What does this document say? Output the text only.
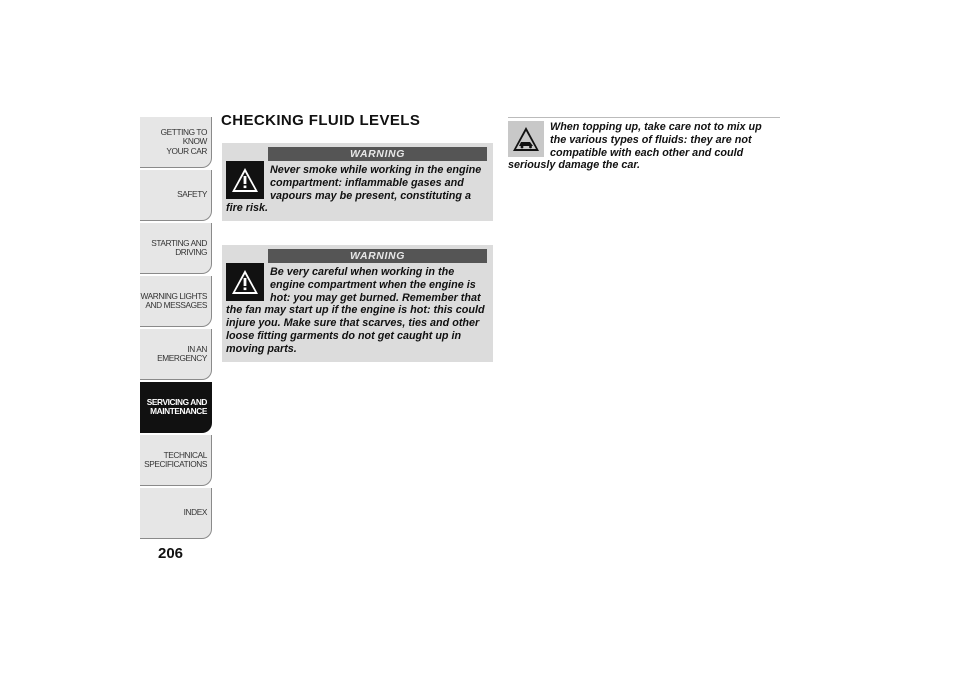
GETTING TO KNOW
YOUR CAR
SAFETY
STARTING AND
DRIVING
WARNING LIGHTS
AND MESSAGES
IN AN EMERGENCY
SERVICING AND
MAINTENANCE
TECHNICAL
SPECIFICATIONS
INDEX
206
CHECKING FLUID LEVELS
WARNING

Never smoke while working in the engine compartment: inflammable gases and vapours may be present, constituting a fire risk.

WARNING

Be very careful when working in the engine compartment when the engine is hot: you may get burned. Remember that the fan may start up if the engine is hot: this could injure you. Make sure that scarves, ties and other loose fitting garments do not get caught up in moving parts.

When topping up, take care not to mix up the various types of fluids: they are not compatible with each other and could seriously damage the car.
